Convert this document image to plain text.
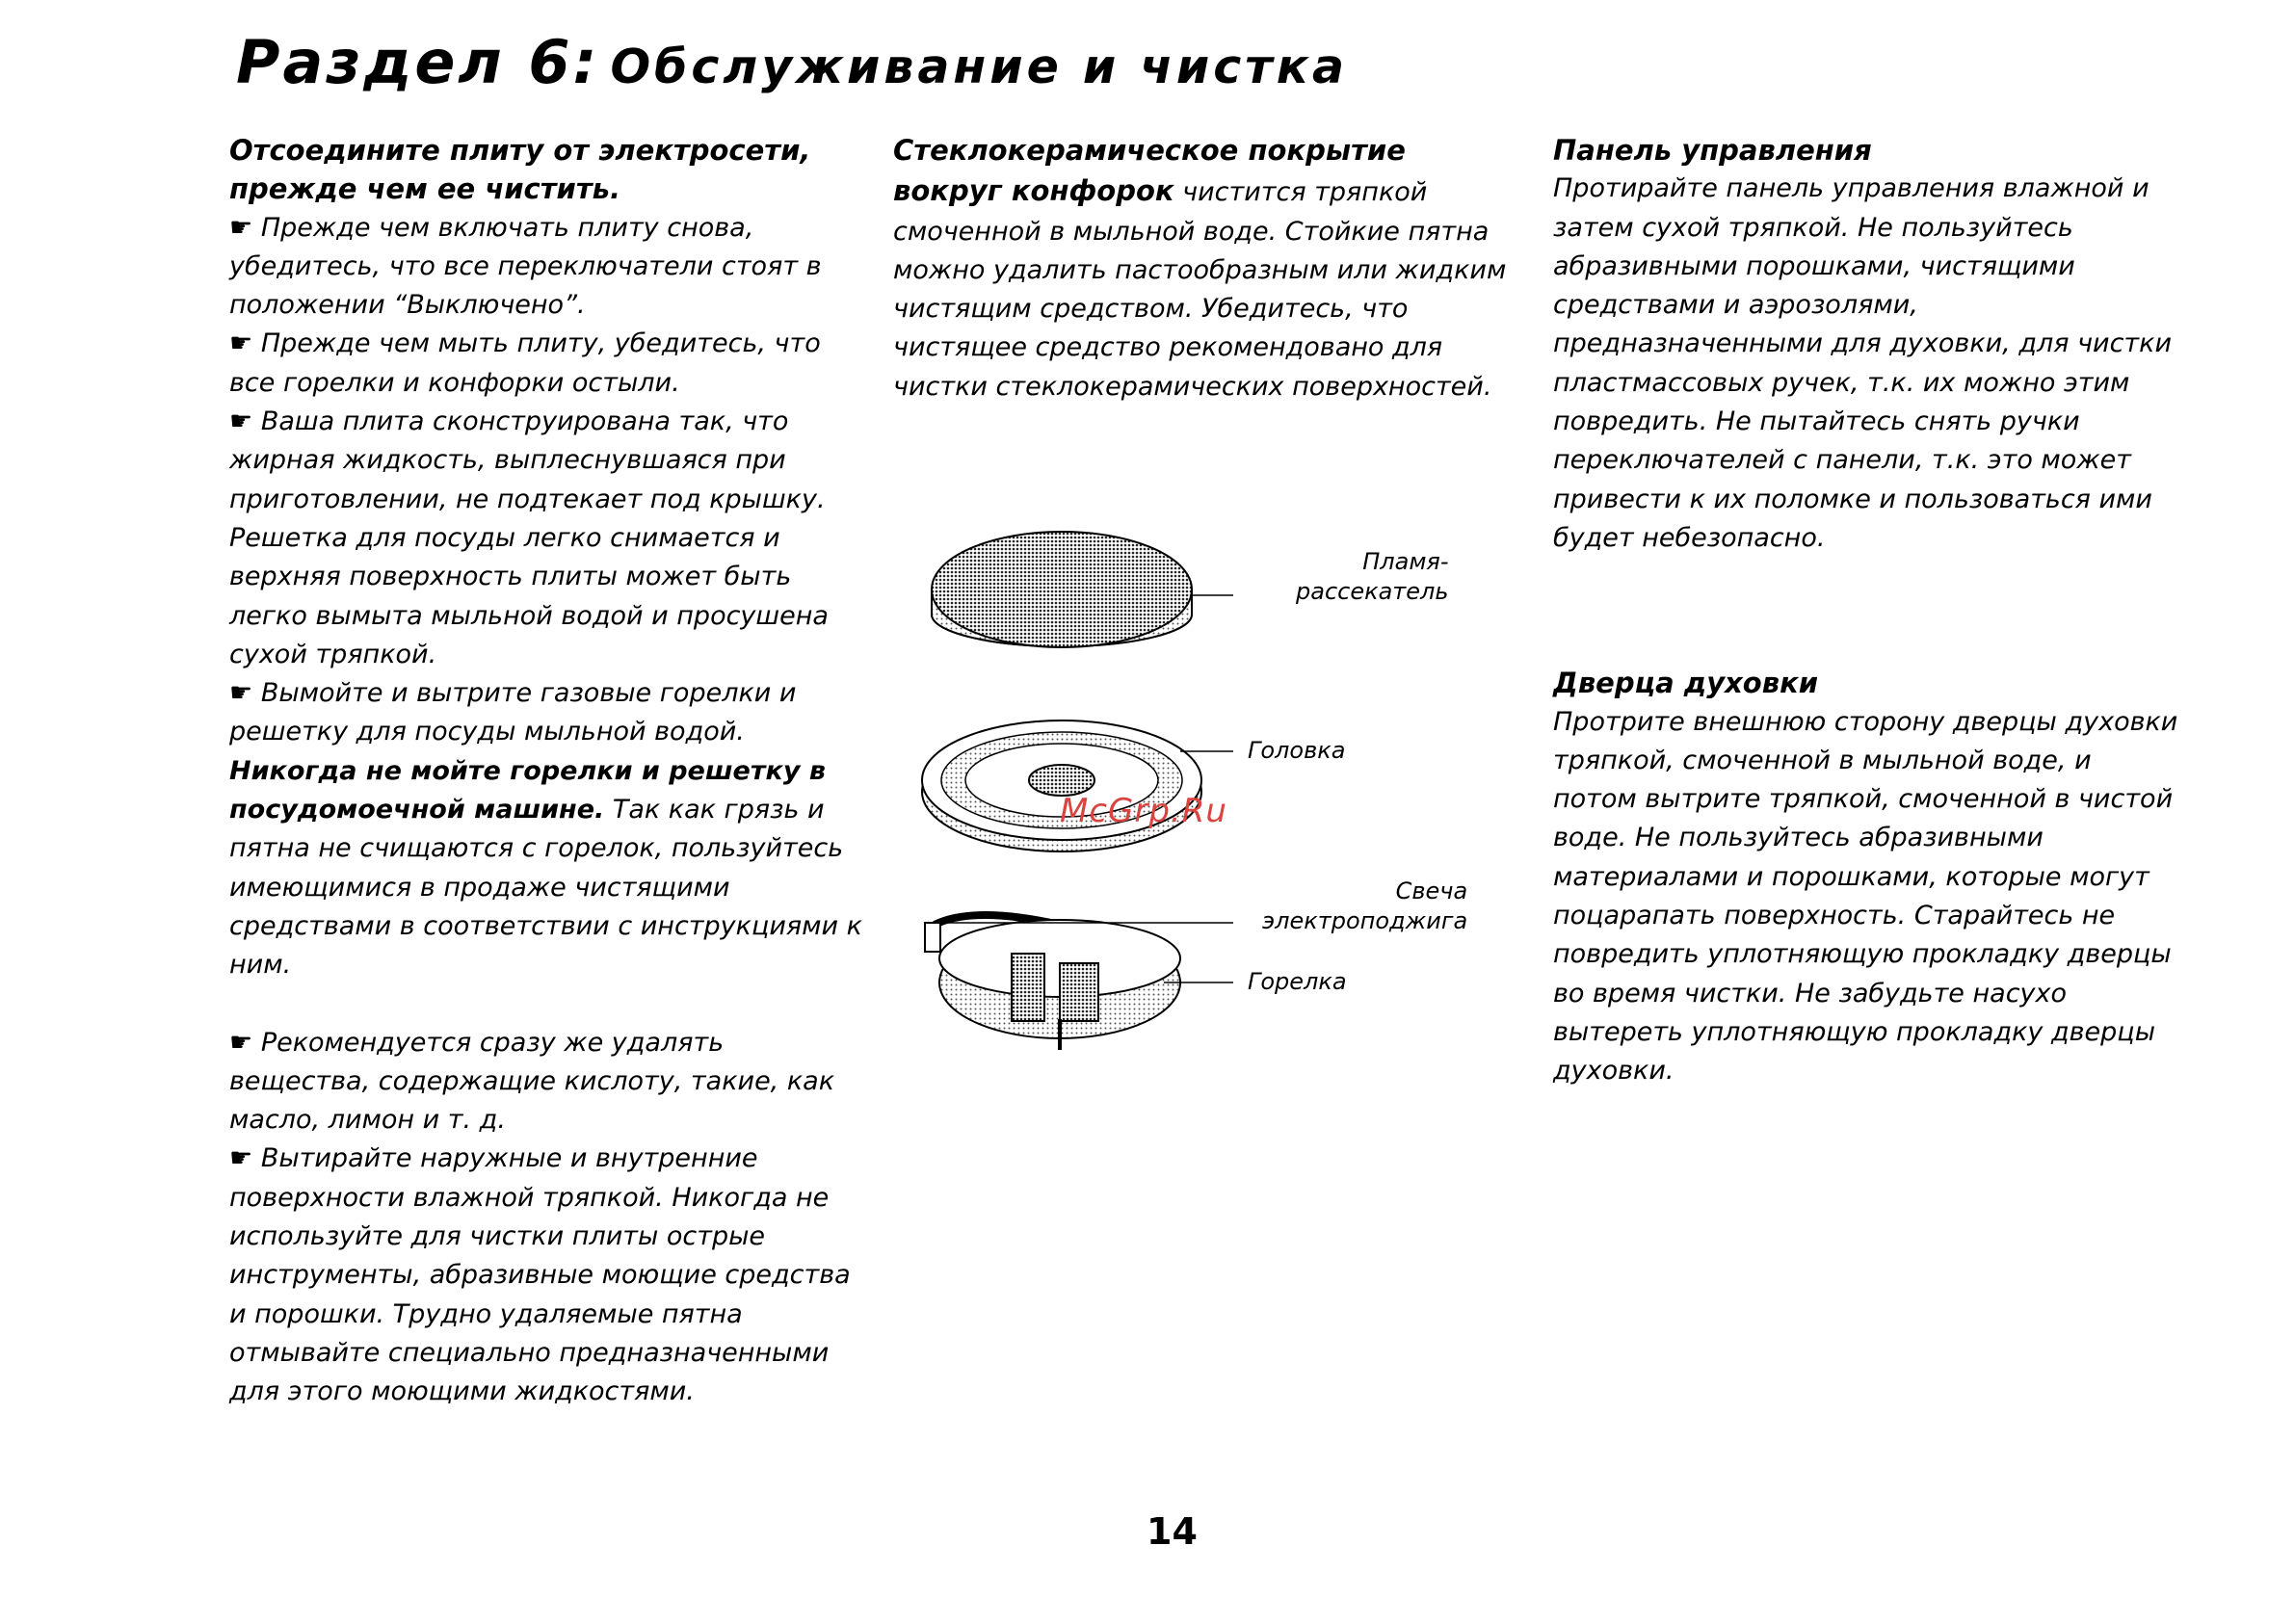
Раздел 6: Обслуживание и чистка

Отсоедините плиту от электросети, прежде чем ее чистить.

☛ Прежде чем включать плиту снова, убедитесь, что все переключатели стоят в положении “Выключено”.

☛ Прежде чем мыть плиту, убедитесь, что все горелки и конфорки остыли.

☛ Ваша плита сконструирована так, что жирная жидкость, выплеснувшаяся при приготовлении, не подтекает под крышку. Решетка для посуды легко снимается и верхняя поверхность плиты может быть легко вымыта мыльной водой и просушена сухой тряпкой.

☛ Вымойте и вытрите газовые горелки и решетку для посуды мыльной водой. Никогда не мойте горелки и решетку в посудомоечной машине. Так как грязь и пятна не счищаются с горелок, пользуйтесь имеющимися в продаже чистящими средствами в соответствии с инструкциями к ним.

☛ Рекомендуется сразу же удалять вещества, содержащие кислоту, такие, как масло, лимон и т. д.

☛ Вытирайте наружные и внутренние поверхности влажной тряпкой. Никогда не используйте для чистки плиты острые инструменты, абразивные моющие средства и порошки. Трудно удаляемые пятна отмывайте специально предназначенными для этого моющими жидкостями.

Стеклокерамическое покрытие вокруг конфорок чистится тряпкой смоченной в мыльной воде. Стойкие пятна можно удалить пастообразным или жидким чистящим средством. Убедитесь, что чистящее средство рекомендовано для чистки стеклокерамических поверхностей.

Пламя-
рассекатель
Головка
Свеча
электроподжига
Горелка

Панель управления

Протирайте панель управления влажной и затем сухой тряпкой. Не пользуйтесь абразивными порошками, чистящими средствами и аэрозолями, предназначенными для духовки, для чистки пластмассовых ручек, т.к. их можно этим повредить. Не пытайтесь снять ручки переключателей с панели, т.к. это может привести к их поломке и пользоваться ими будет небезопасно.

Дверца духовки

Протрите внешнюю сторону дверцы духовки тряпкой, смоченной в мыльной воде, и потом вытрите тряпкой, смоченной в чистой воде. Не пользуйтесь абразивными материалами и порошками, которые могут поцарапать поверхность. Старайтесь не повредить уплотняющую прокладку дверцы во время чистки. Не забудьте насухо вытереть уплотняющую прокладку дверцы духовки.

McGrp.Ru
14
